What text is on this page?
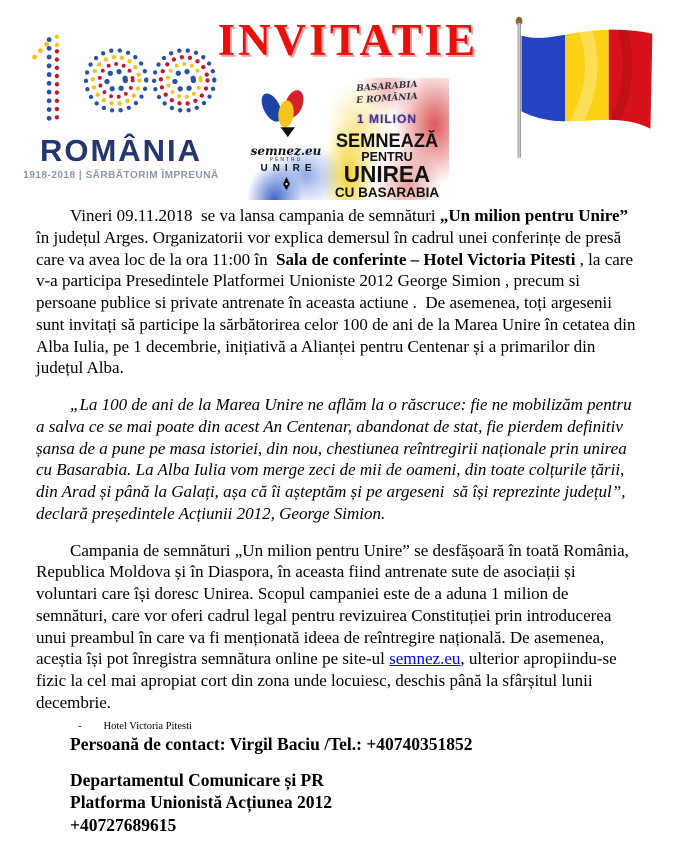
ROMÂNIA
1918-2018 | SĂRBĂTORIM ÎMPREUNĂ
INVITATIE
semnez.eu
PENTRU
UNIRE
BASARABIA
E ROMÂNIA
1 MILION
SEMNEAZĂ
PENTRU
UNIREA
CU BASARABIA

Vineri 09.11.2018  se va lansa campania de semnături „Un milion pentru Unire” în județul Arges. Organizatorii vor explica demersul în cadrul unei conferințe de presă care va avea loc de la ora 11:00 în  Sala de conferinte – Hotel Victoria Pitesti , la care v-a participa Presedintele Platformei Unioniste 2012 George Simion , precum si persoane publice si private antrenate în aceasta actiune .  De asemenea, toți argesenii sunt invitați să participe la sărbătorirea celor 100 de ani de la Marea Unire în cetatea din Alba Iulia, pe 1 decembrie, inițiativă a Alianței pentru Centenar și a primarilor din județul Alba.

„La 100 de ani de la Marea Unire ne aflăm la o răscruce: fie ne mobilizăm pentru a salva ce se mai poate din acest An Centenar, abandonat de stat, fie pierdem definitiv șansa de a pune pe masa istoriei, din nou, chestiunea reîntregirii naționale prin unirea cu Basarabia. La Alba Iulia vom merge zeci de mii de oameni, din toate colțurile țării, din Arad și până la Galați, așa că îi așteptăm și pe argeseni  să își reprezinte județul”, declară președintele Acțiunii 2012, George Simion.

Campania de semnături „Un milion pentru Unire” se desfășoară în toată România, Republica Moldova și în Diaspora, în aceasta fiind antrenate sute de asociații și voluntari care își doresc Unirea. Scopul campaniei este de a aduna 1 milion de semnături, care vor oferi cadrul legal pentru revizuirea Constituției prin introducerea unui preambul în care va fi menționată ideea de reîntregire națională. De asemenea, aceștia își pot înregistra semnătura online pe site-ul semnez.eu, ulterior apropiindu-se fizic la cel mai apropiat cort din zona unde locuiesc, deschis până la sfârșitul lunii decembrie.

- Hotel Victoria Pitesti

Persoană de contact: Virgil Baciu /Tel.: +40740351852

Departamentul Comunicare și PR
Platforma Unionistă Acțiunea 2012
+40727689615
